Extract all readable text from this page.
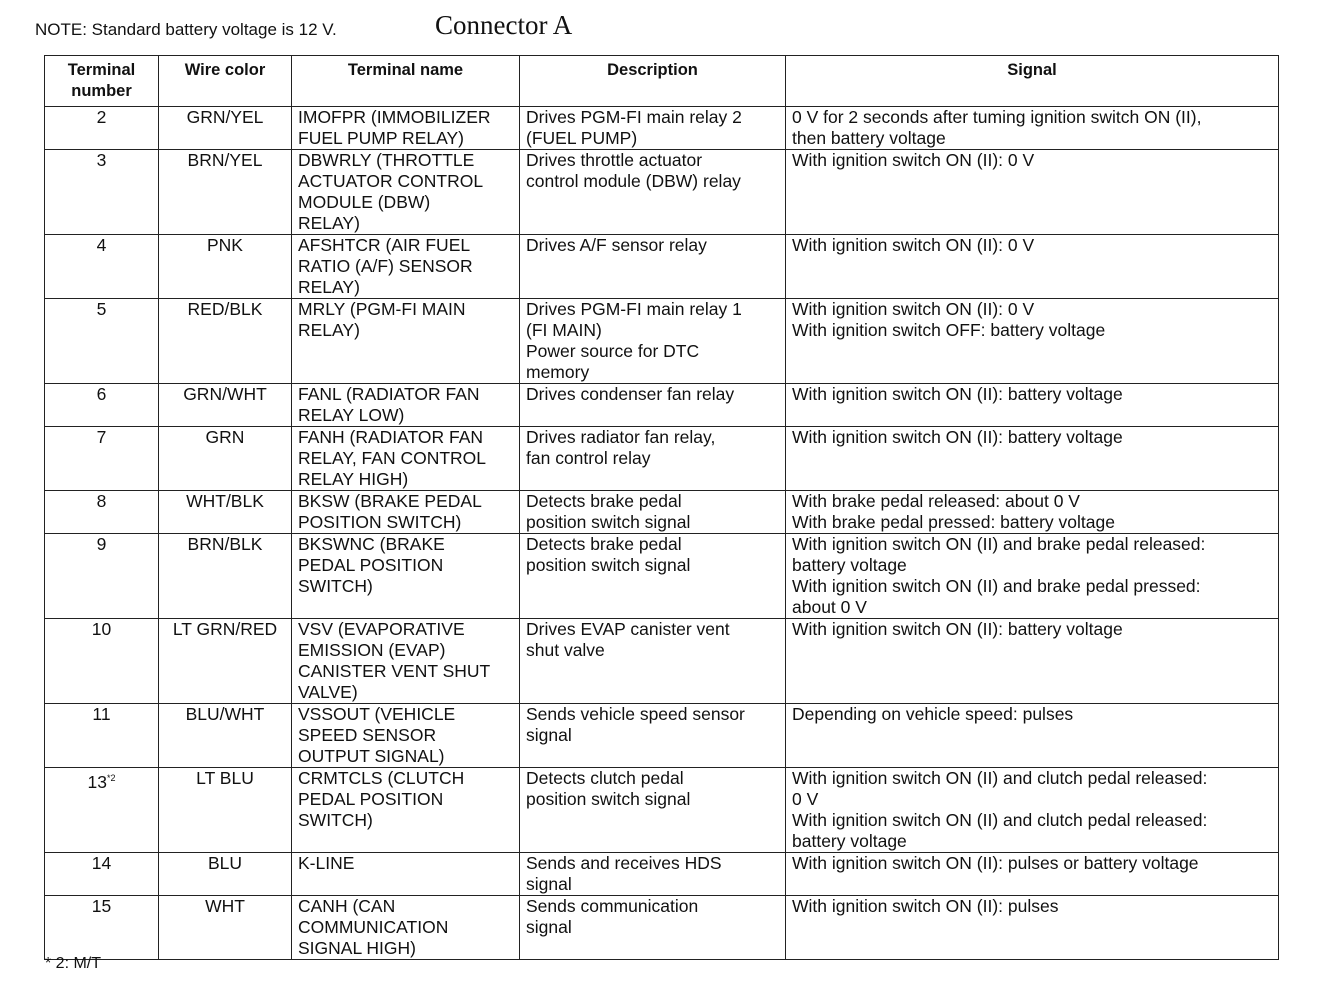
NOTE: Standard battery voltage is 12 V.	Connector A
Terminal number	Wire color	Terminal name	Description	Signal
2	GRN/YEL	IMOFPR (IMMOBILIZER
FUEL PUMP RELAY)	Drives PGM-FI main relay 2
(FUEL PUMP)	0 V for 2 seconds after tuming ignition switch ON (II),
then battery voltage
3	BRN/YEL	DBWRLY (THROTTLE
ACTUATOR CONTROL
MODULE (DBW)
RELAY)	Drives throttle actuator
control module (DBW) relay	With ignition switch ON (II): 0 V
4	PNK	AFSHTCR (AIR FUEL
RATIO (A/F) SENSOR
RELAY)	Drives A/F sensor relay	With ignition switch ON (II): 0 V
5	RED/BLK	MRLY (PGM-FI MAIN
RELAY)	Drives PGM-FI main relay 1
(FI MAIN)
Power source for DTC
memory	With ignition switch ON (II): 0 V
With ignition switch OFF: battery voltage
6	GRN/WHT	FANL (RADIATOR FAN
RELAY LOW)	Drives condenser fan relay	With ignition switch ON (II): battery voltage
7	GRN	FANH (RADIATOR FAN
RELAY, FAN CONTROL
RELAY HIGH)	Drives radiator fan relay,
fan control relay	With ignition switch ON (II): battery voltage
8	WHT/BLK	BKSW (BRAKE PEDAL
POSITION SWITCH)	Detects brake pedal
position switch signal	With brake pedal released: about 0 V
With brake pedal pressed: battery voltage
9	BRN/BLK	BKSWNC (BRAKE
PEDAL POSITION
SWITCH)	Detects brake pedal
position switch signal	With ignition switch ON (II) and brake pedal released:
battery voltage
With ignition switch ON (II) and brake pedal pressed:
about 0 V
10	LT GRN/RED	VSV (EVAPORATIVE
EMISSION (EVAP)
CANISTER VENT SHUT
VALVE)	Drives EVAP canister vent
shut valve	With ignition switch ON (II): battery voltage
11	BLU/WHT	VSSOUT (VEHICLE
SPEED SENSOR
OUTPUT SIGNAL)	Sends vehicle speed sensor
signal	Depending on vehicle speed: pulses
13$^{*2}$	LT BLU	CRMTCLS (CLUTCH
PEDAL POSITION
SWITCH)	Detects clutch pedal
position switch signal	With ignition switch ON (II) and clutch pedal released:
0 V
With ignition switch ON (II) and clutch pedal released:
battery voltage
14	BLU	K-LINE	Sends and receives HDS
signal	With ignition switch ON (II): pulses or battery voltage
15	WHT	CANH (CAN
COMMUNICATION
SIGNAL HIGH)	Sends communication
signal	With ignition switch ON (II): pulses
* 2: M/T
